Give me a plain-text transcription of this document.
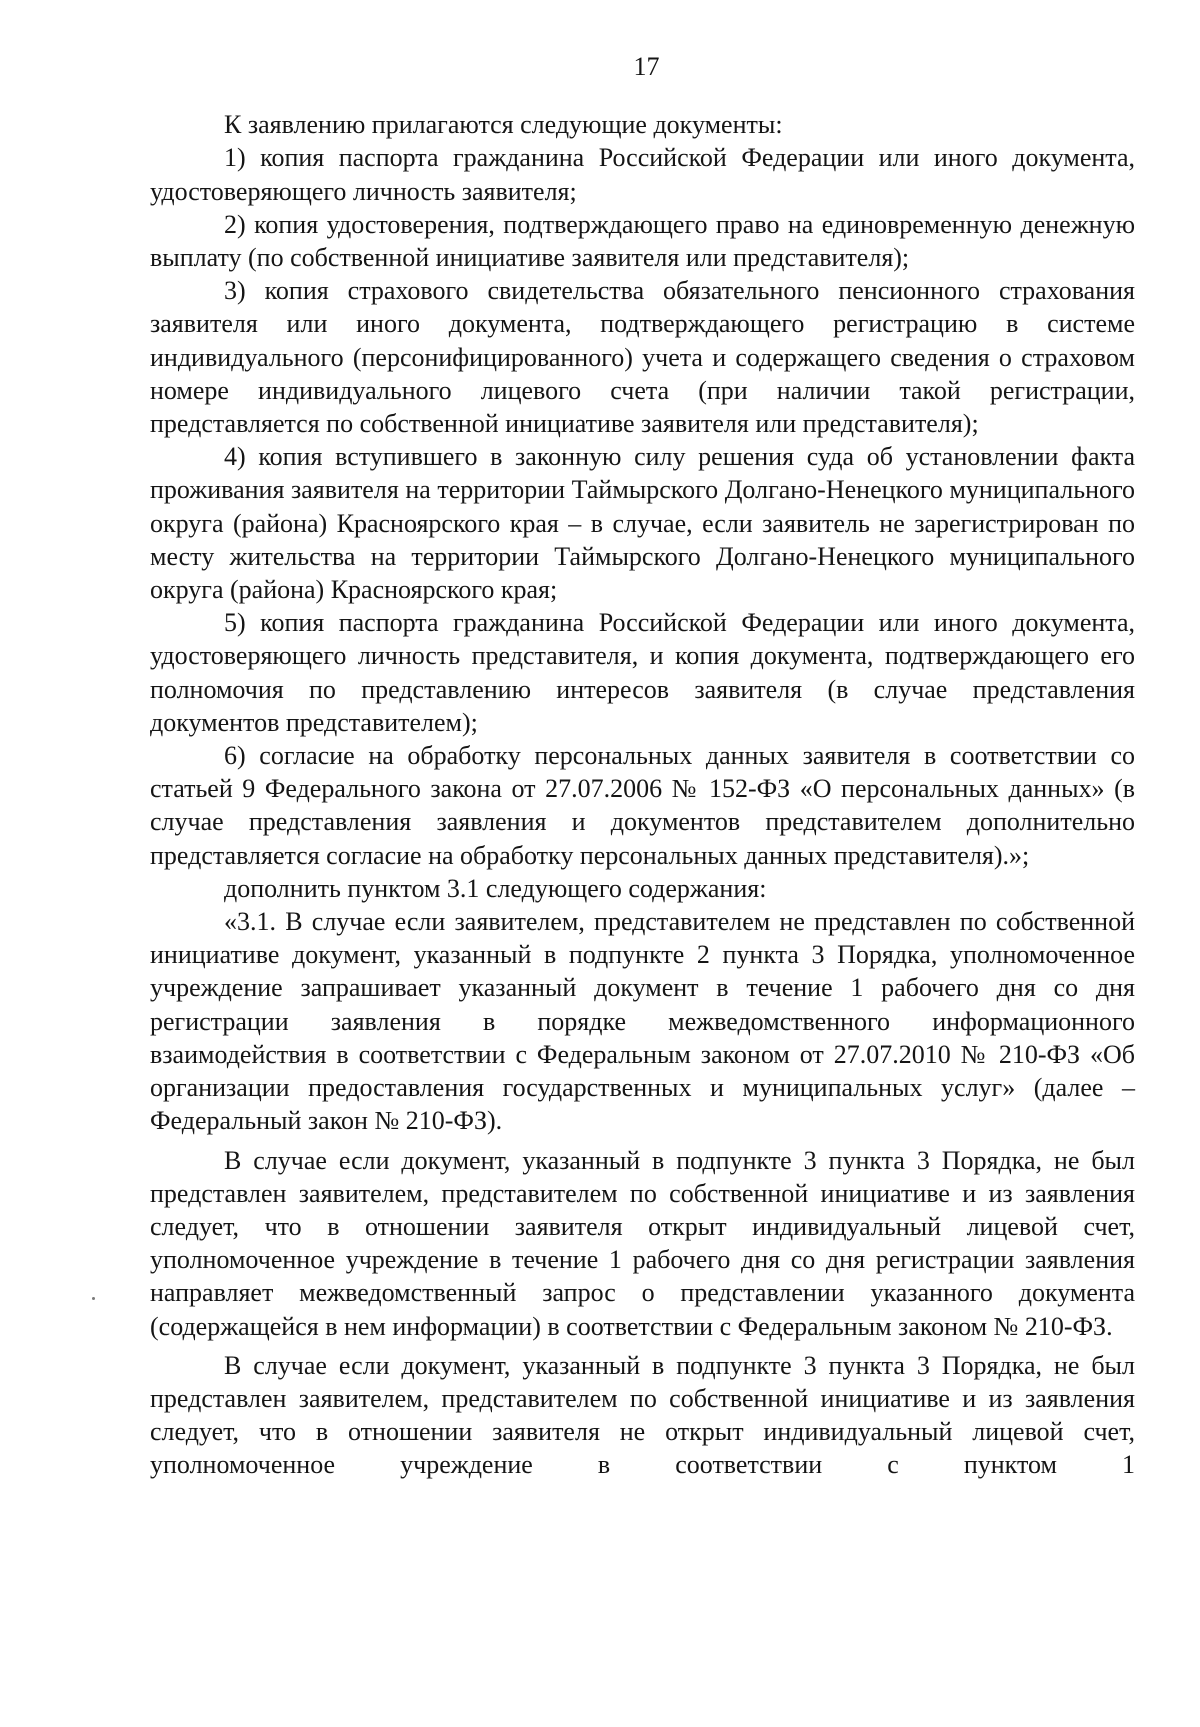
17

К заявлению прилагаются следующие документы:

1) копия паспорта гражданина Российской Федерации или иного документа, удостоверяющего личность заявителя;

2) копия удостоверения, подтверждающего право на единовременную денежную выплату (по собственной инициативе заявителя или представителя);

3) копия страхового свидетельства обязательного пенсионного страхования заявителя или иного документа, подтверждающего регистрацию в системе индивидуального (персонифицированного) учета и содержащего сведения о страховом номере индивидуального лицевого счета (при наличии такой регистрации, представляется по собственной инициативе заявителя или представителя);

4) копия вступившего в законную силу решения суда об установлении факта проживания заявителя на территории Таймырского Долгано-Ненецкого муниципального округа (района) Красноярского края – в случае, если заявитель не зарегистрирован по месту жительства на территории Таймырского Долгано-Ненецкого муниципального округа (района) Красноярского края;

5) копия паспорта гражданина Российской Федерации или иного документа, удостоверяющего личность представителя, и копия документа, подтверждающего его полномочия по представлению интересов заявителя (в случае представления документов представителем);

6) согласие на обработку персональных данных заявителя в соответствии со статьей 9 Федерального закона от 27.07.2006 № 152-ФЗ «О персональных данных» (в случае представления заявления и документов представителем дополнительно представляется согласие на обработку персональных данных представителя).»;

дополнить пунктом 3.1 следующего содержания:

«3.1. В случае если заявителем, представителем не представлен по собственной инициативе документ, указанный в подпункте 2 пункта 3 Порядка, уполномоченное учреждение запрашивает указанный документ в течение 1 рабочего дня со дня регистрации заявления в порядке межведомственного информационного взаимодействия в соответствии с Федеральным законом от 27.07.2010 № 210-ФЗ «Об организации предоставления государственных и муниципальных услуг» (далее – Федеральный закон № 210-ФЗ).

В случае если документ, указанный в подпункте 3 пункта 3 Порядка, не был представлен заявителем, представителем по собственной инициативе и из заявления следует, что в отношении заявителя открыт индивидуальный лицевой счет, уполномоченное учреждение в течение 1 рабочего дня со дня регистрации заявления направляет межведомственный запрос о представлении указанного документа (содержащейся в нем информации) в соответствии с Федеральным законом № 210-ФЗ.

В случае если документ, указанный в подпункте 3 пункта 3 Порядка, не был представлен заявителем, представителем по собственной инициативе и из заявления следует, что в отношении заявителя не открыт индивидуальный лицевой счет, уполномоченное учреждение в соответствии с пунктом 1
